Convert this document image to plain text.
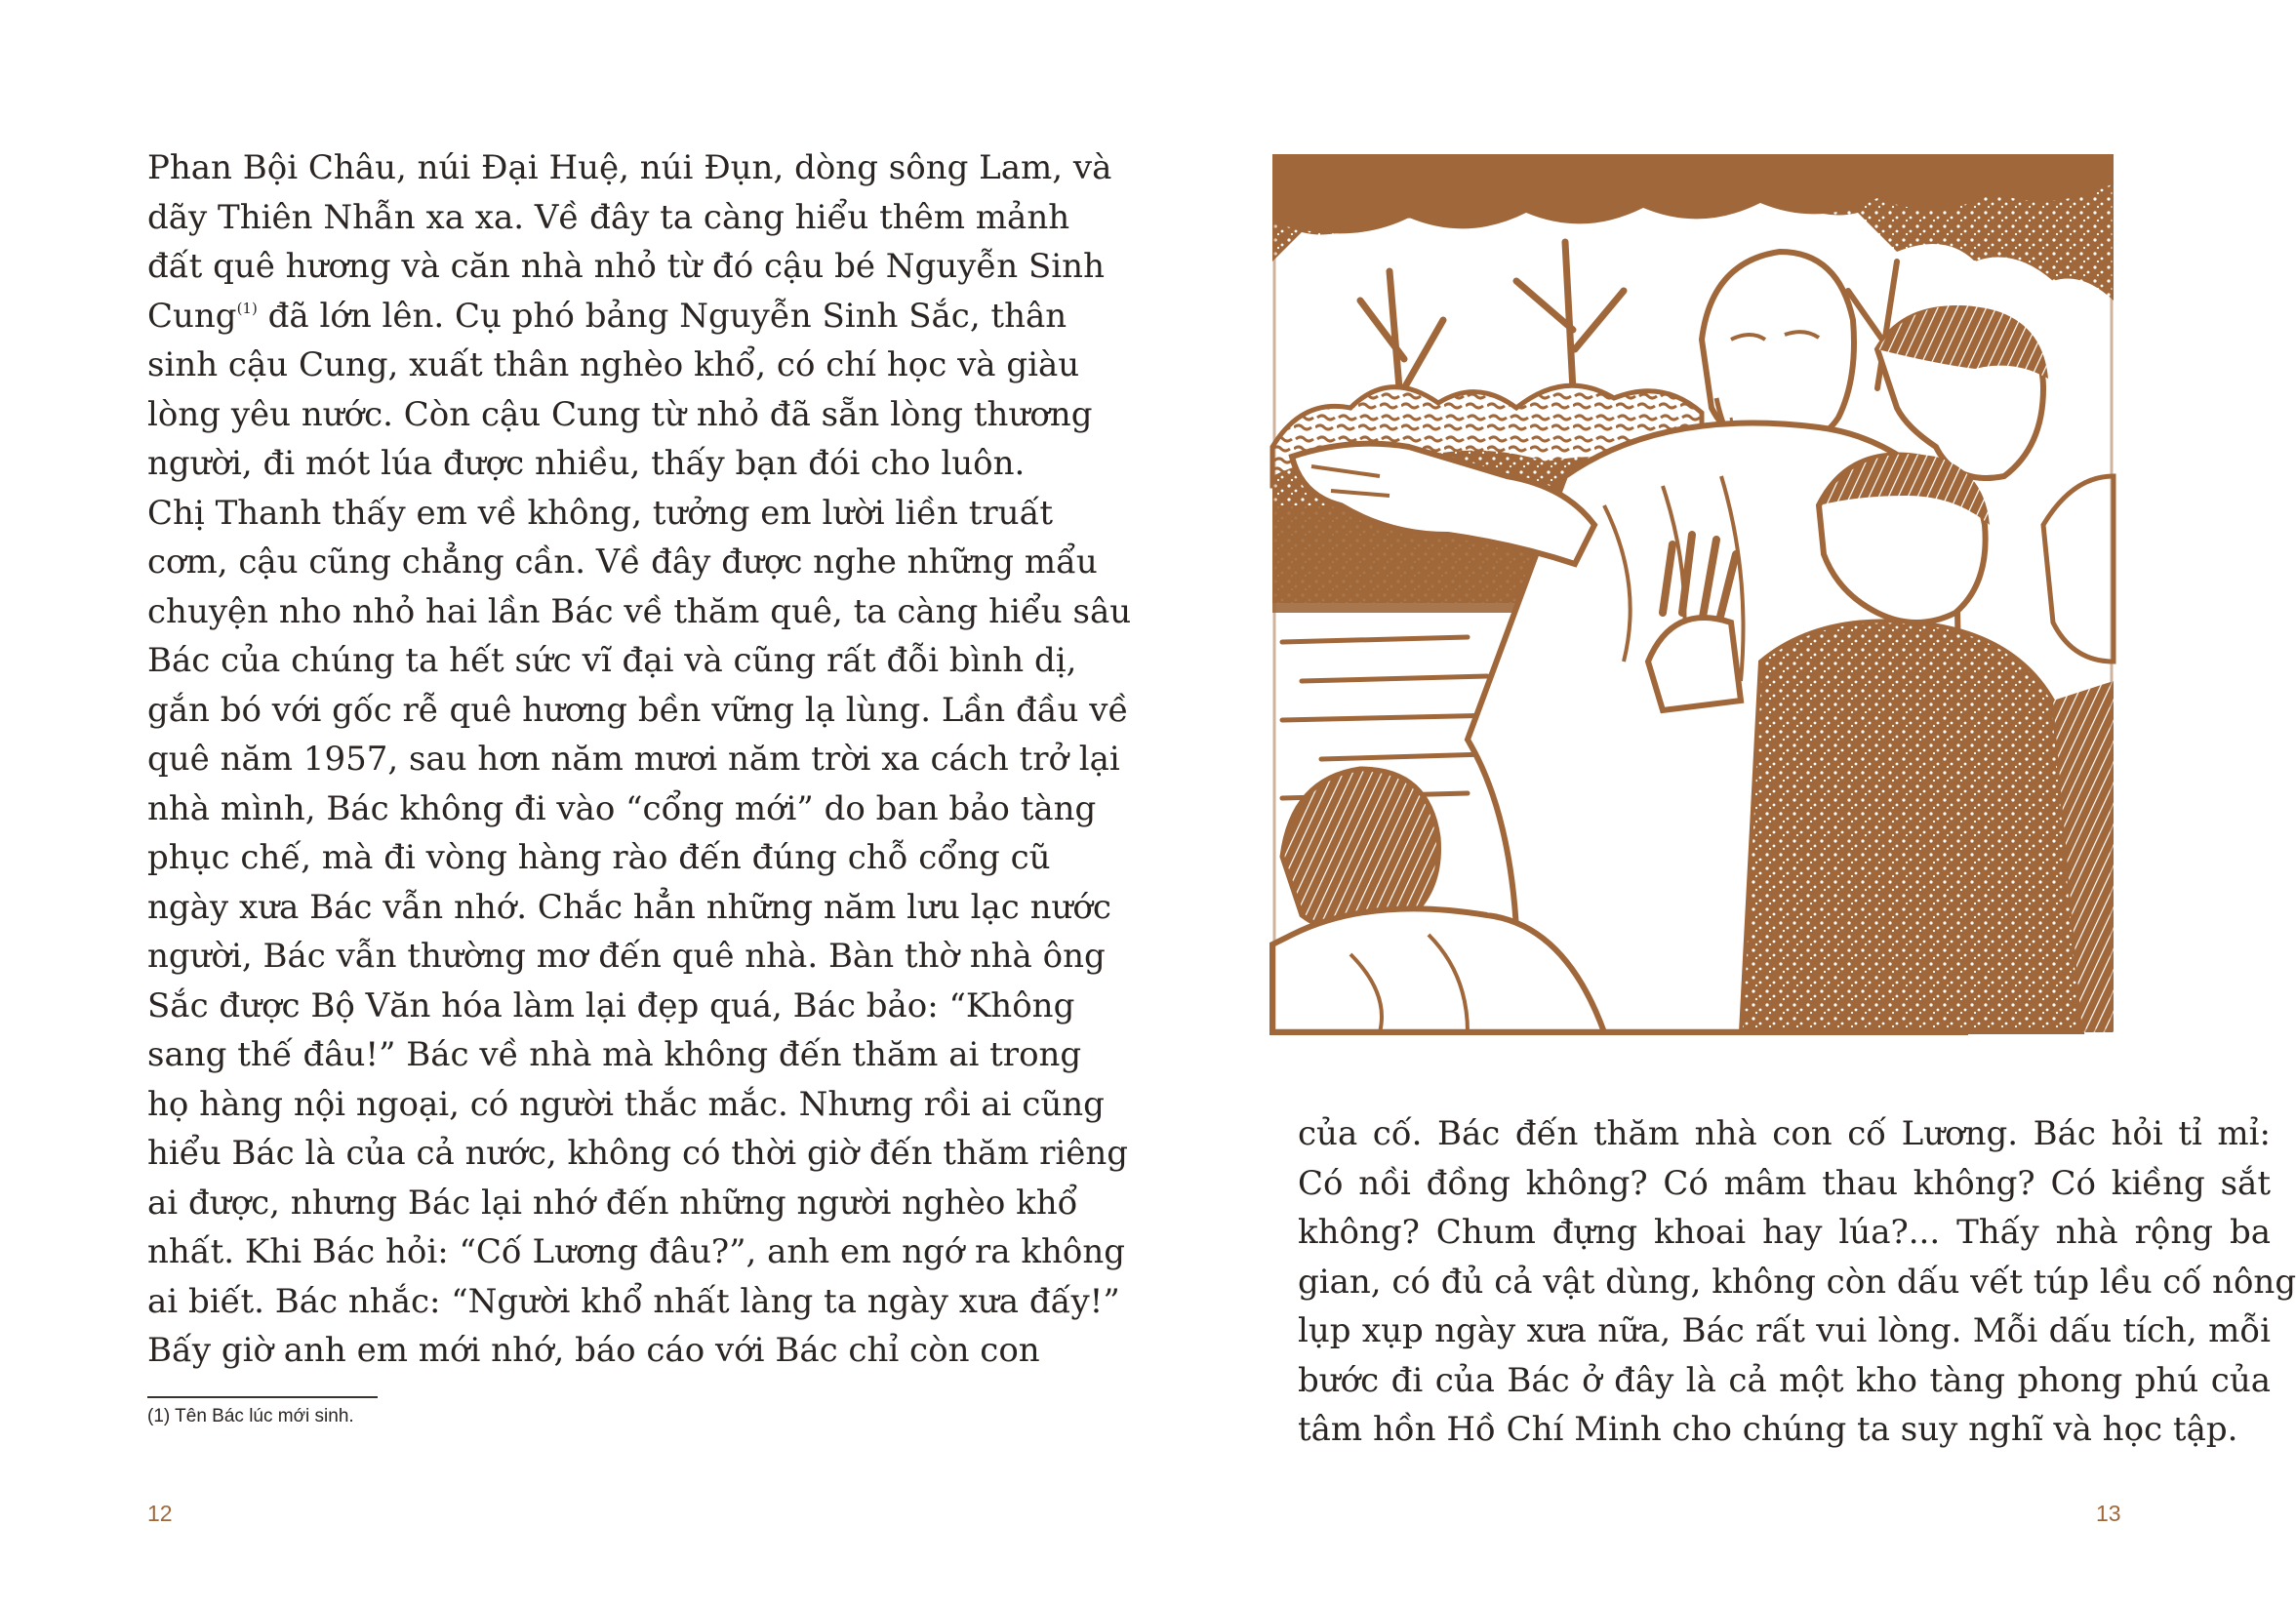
Phan Bội Châu, núi Đại Huệ, núi Đụn, dòng sông Lam, và
dãy Thiên Nhẫn xa xa. Về đây ta càng hiểu thêm mảnh
đất quê hương và căn nhà nhỏ từ đó cậu bé Nguyễn Sinh
Cung$^{(1)}$ đã lớn lên. Cụ phó bảng Nguyễn Sinh Sắc, thân
sinh cậu Cung, xuất thân nghèo khổ, có chí học và giàu
lòng yêu nước. Còn cậu Cung từ nhỏ đã sẵn lòng thương
người, đi mót lúa được nhiều, thấy bạn đói cho luôn.
Chị Thanh thấy em về không, tưởng em lười liền truất
cơm, cậu cũng chẳng cần. Về đây được nghe những mẩu
chuyện nho nhỏ hai lần Bác về thăm quê, ta càng hiểu sâu
Bác của chúng ta hết sức vĩ đại và cũng rất đỗi bình dị,
gắn bó với gốc rễ quê hương bền vững lạ lùng. Lần đầu về
quê năm 1957, sau hơn năm mươi năm trời xa cách trở lại
nhà mình, Bác không đi vào “cổng mới” do ban bảo tàng
phục chế, mà đi vòng hàng rào đến đúng chỗ cổng cũ
ngày xưa Bác vẫn nhớ. Chắc hẳn những năm lưu lạc nước
người, Bác vẫn thường mơ đến quê nhà. Bàn thờ nhà ông
Sắc được Bộ Văn hóa làm lại đẹp quá, Bác bảo: “Không
sang thế đâu!” Bác về nhà mà không đến thăm ai trong
họ hàng nội ngoại, có người thắc mắc. Nhưng rồi ai cũng
hiểu Bác là của cả nước, không có thời giờ đến thăm riêng
ai được, nhưng Bác lại nhớ đến những người nghèo khổ
nhất. Khi Bác hỏi: “Cố Lương đâu?”, anh em ngớ ra không
ai biết. Bác nhắc: “Người khổ nhất làng ta ngày xưa đấy!”
Bấy giờ anh em mới nhớ, báo cáo với Bác chỉ còn con
(1) Tên Bác lúc mới sinh.
12
của cố. Bác đến thăm nhà con cố Lương. Bác hỏi tỉ mỉ:
Có nồi đồng không? Có mâm thau không? Có kiềng sắt
không? Chum đựng khoai hay lúa?... Thấy nhà rộng ba
gian, có đủ cả vật dùng, không còn dấu vết túp lều cố nông
lụp xụp ngày xưa nữa, Bác rất vui lòng. Mỗi dấu tích, mỗi
bước đi của Bác ở đây là cả một kho tàng phong phú của
tâm hồn Hồ Chí Minh cho chúng ta suy nghĩ và học tập.
13
